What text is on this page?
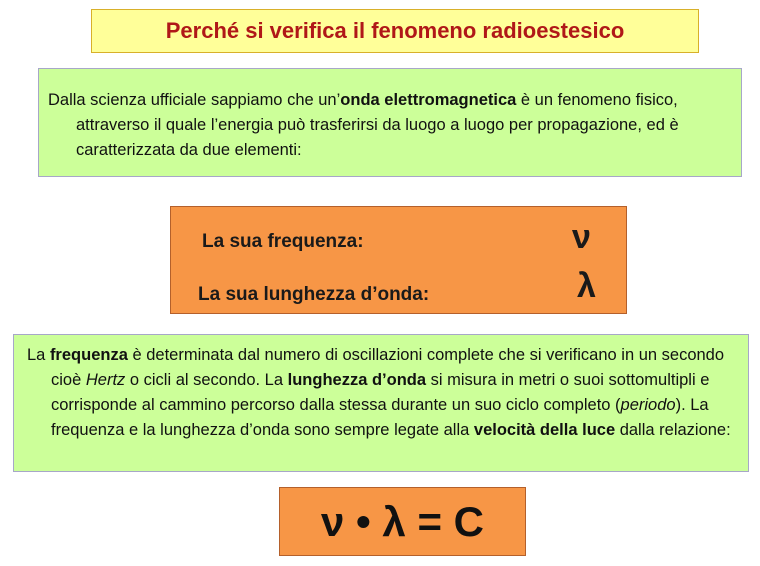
Perché si verifica il fenomeno radioestesico

Dalla scienza ufficiale sappiamo che un’onda elettromagnetica è un fenomeno fisico, attraverso il quale l’energia può trasferirsi da luogo a luogo per propagazione, ed è caratterizzata da due elementi:

La sua frequenza:	ν
La sua lunghezza d’onda:	λ

La frequenza è determinata dal numero di oscillazioni complete che si verificano in un secondo cioè Hertz o cicli al secondo. La lunghezza d’onda si misura in metri o suoi sottomultipli e corrisponde al cammino percorso dalla stessa durante un suo ciclo completo (periodo). La frequenza e la lunghezza d’onda sono sempre legate alla velocità della luce dalla relazione:

ν • λ = C
